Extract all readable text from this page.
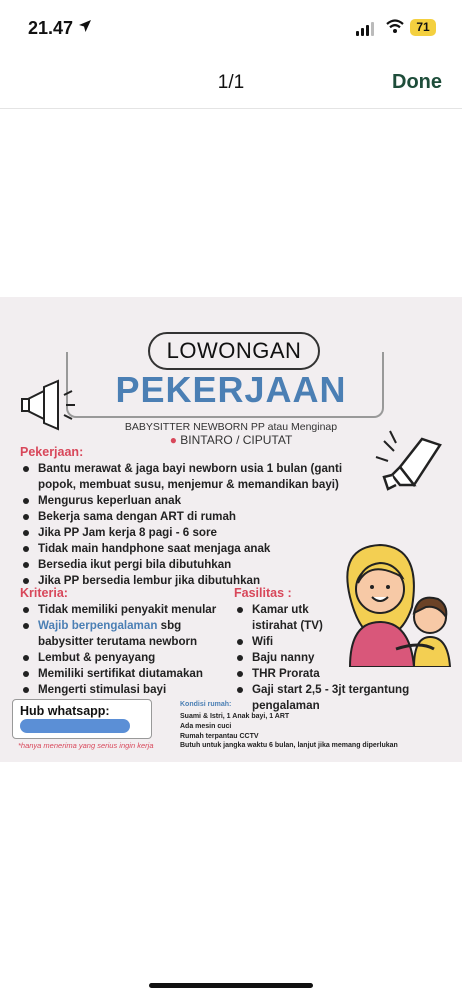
21.47	71
1/1	Done
LOWONGAN
PEKERJAAN
BABYSITTER NEWBORN PP atau Menginap
● BINTARO / CIPUTAT
Pekerjaan:
Bantu merawat & jaga bayi newborn usia 1 bulan (ganti popok, membuat susu, menjemur & memandikan bayi)
Mengurus keperluan anak
Bekerja sama dengan ART di rumah
Jika PP Jam kerja 8 pagi - 6 sore
Tidak main handphone saat menjaga anak
Bersedia ikut pergi bila dibutuhkan
Jika PP bersedia lembur jika dibutuhkan
Kriteria:
Tidak memiliki penyakit menular
Wajib berpengalaman sbg babysitter terutama newborn
Lembut & penyayang
Memiliki sertifikat diutamakan
Mengerti stimulasi bayi
Fasilitas :
Kamar utk istirahat (TV)
Wifi
Baju nanny
THR Prorata
Gaji start 2,5 - 3jt tergantung pengalaman
Hub whatsapp:
*hanya menerima yang serius ingin kerja
Kondisi rumah:
Suami & Istri, 1 Anak bayi, 1 ART
Ada mesin cuci
Rumah terpantau CCTV
Butuh untuk jangka waktu 6 bulan, lanjut jika memang diperlukan
